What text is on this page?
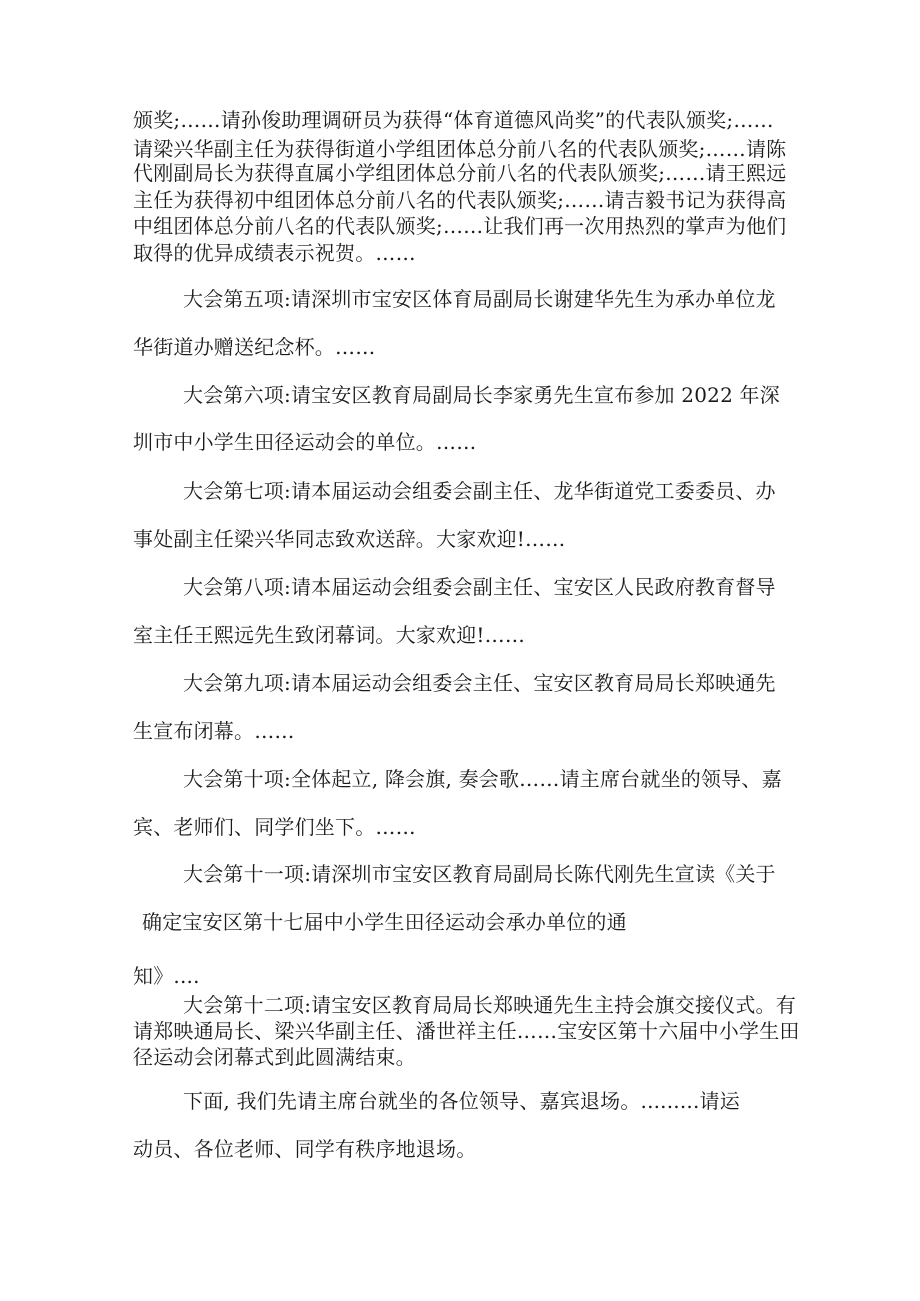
颁奖;……请孙俊助理调研员为获得“体育道德风尚奖”的代表队颁奖;……
请梁兴华副主任为获得街道小学组团体总分前八名的代表队颁奖;……请陈
代刚副局长为获得直属小学组团体总分前八名的代表队颁奖;……请王熙远
主任为获得初中组团体总分前八名的代表队颁奖;……请吉毅书记为获得高
中组团体总分前八名的代表队颁奖;……让我们再一次用热烈的掌声为他们
取得的优异成绩表示祝贺。……
大会第五项:请深圳市宝安区体育局副局长谢建华先生为承办单位龙
华街道办赠送纪念杯。……
大会第六项:请宝安区教育局副局长李家勇先生宣布参加 2022 年深
圳市中小学生田径运动会的单位。……
大会第七项:请本届运动会组委会副主任、龙华街道党工委委员、办
事处副主任梁兴华同志致欢送辞。大家欢迎!……
大会第八项:请本届运动会组委会副主任、宝安区人民政府教育督导
室主任王熙远先生致闭幕词。大家欢迎!……
大会第九项:请本届运动会组委会主任、宝安区教育局局长郑映通先
生宣布闭幕。……
大会第十项:全体起立, 降会旗, 奏会歌……请主席台就坐的领导、嘉
宾、老师们、同学们坐下。……
大会第十一项:请深圳市宝安区教育局副局长陈代刚先生宣读《关于
确定宝安区第十七届中小学生田径运动会承办单位的通
知》....
大会第十二项:请宝安区教育局局长郑映通先生主持会旗交接仪式。有
请郑映通局长、梁兴华副主任、潘世祥主任……宝安区第十六届中小学生田
径运动会闭幕式到此圆满结束。
下面, 我们先请主席台就坐的各位领导、嘉宾退场。.........请运
动员、各位老师、同学有秩序地退场。
